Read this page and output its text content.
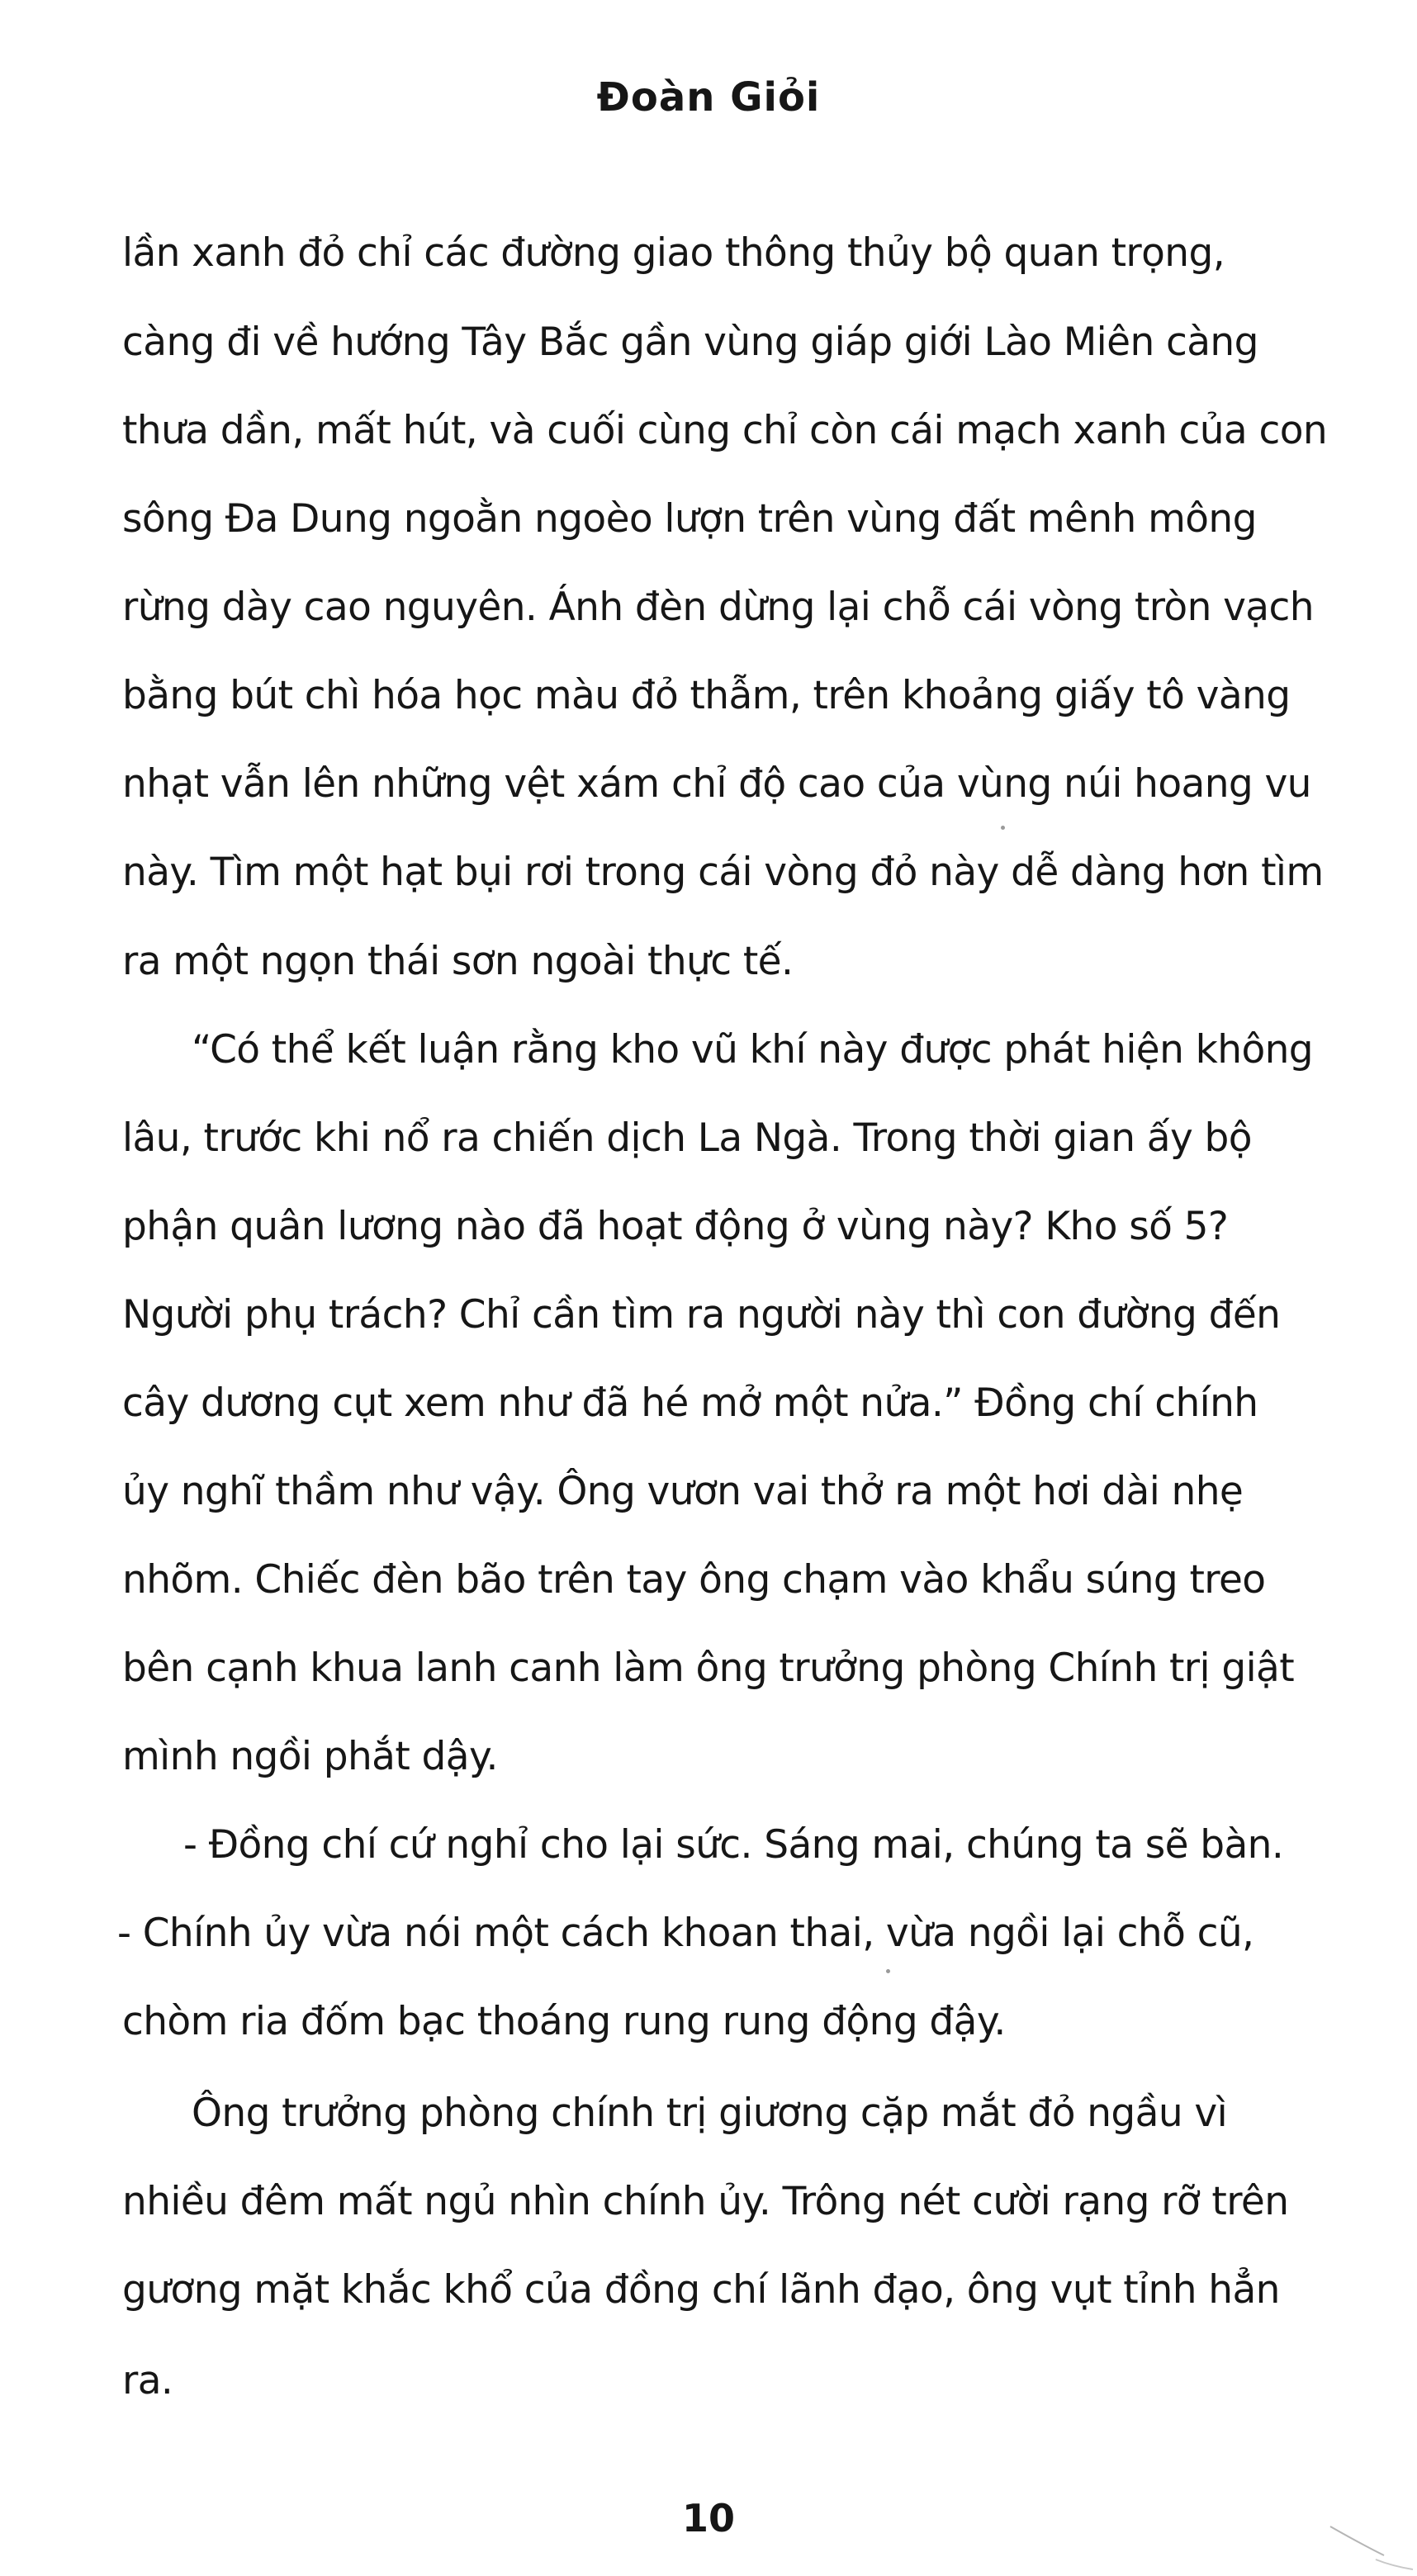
Đoàn Giỏi
lần xanh đỏ chỉ các đường giao thông thủy bộ quan trọng,
càng đi về hướng Tây Bắc gần vùng giáp giới Lào Miên càng
thưa dần, mất hút, và cuối cùng chỉ còn cái mạch xanh của con
sông Đa Dung ngoằn ngoèo lượn trên vùng đất mênh mông
rừng dày cao nguyên. Ánh đèn dừng lại chỗ cái vòng tròn vạch
bằng bút chì hóa học màu đỏ thẫm, trên khoảng giấy tô vàng
nhạt vẫn lên những vệt xám chỉ độ cao của vùng núi hoang vu
này. Tìm một hạt bụi rơi trong cái vòng đỏ này dễ dàng hơn tìm
ra một ngọn thái sơn ngoài thực tế.
“Có thể kết luận rằng kho vũ khí này được phát hiện không
lâu, trước khi nổ ra chiến dịch La Ngà. Trong thời gian ấy bộ
phận quân lương nào đã hoạt động ở vùng này? Kho số 5?
Người phụ trách? Chỉ cần tìm ra người này thì con đường đến
cây dương cụt xem như đã hé mở một nửa.” Đồng chí chính
ủy nghĩ thầm như vậy. Ông vươn vai thở ra một hơi dài nhẹ
nhõm. Chiếc đèn bão trên tay ông chạm vào khẩu súng treo
bên cạnh khua lanh canh làm ông trưởng phòng Chính trị giật
mình ngồi phắt dậy.
- Đồng chí cứ nghỉ cho lại sức. Sáng mai, chúng ta sẽ bàn.
- Chính ủy vừa nói một cách khoan thai, vừa ngồi lại chỗ cũ,
chòm ria đốm bạc thoáng rung rung động đậy.
Ông trưởng phòng chính trị giương cặp mắt đỏ ngầu vì
nhiều đêm mất ngủ nhìn chính ủy. Trông nét cười rạng rỡ trên
gương mặt khắc khổ của đồng chí lãnh đạo, ông vụt tỉnh hẳn
ra.
10
